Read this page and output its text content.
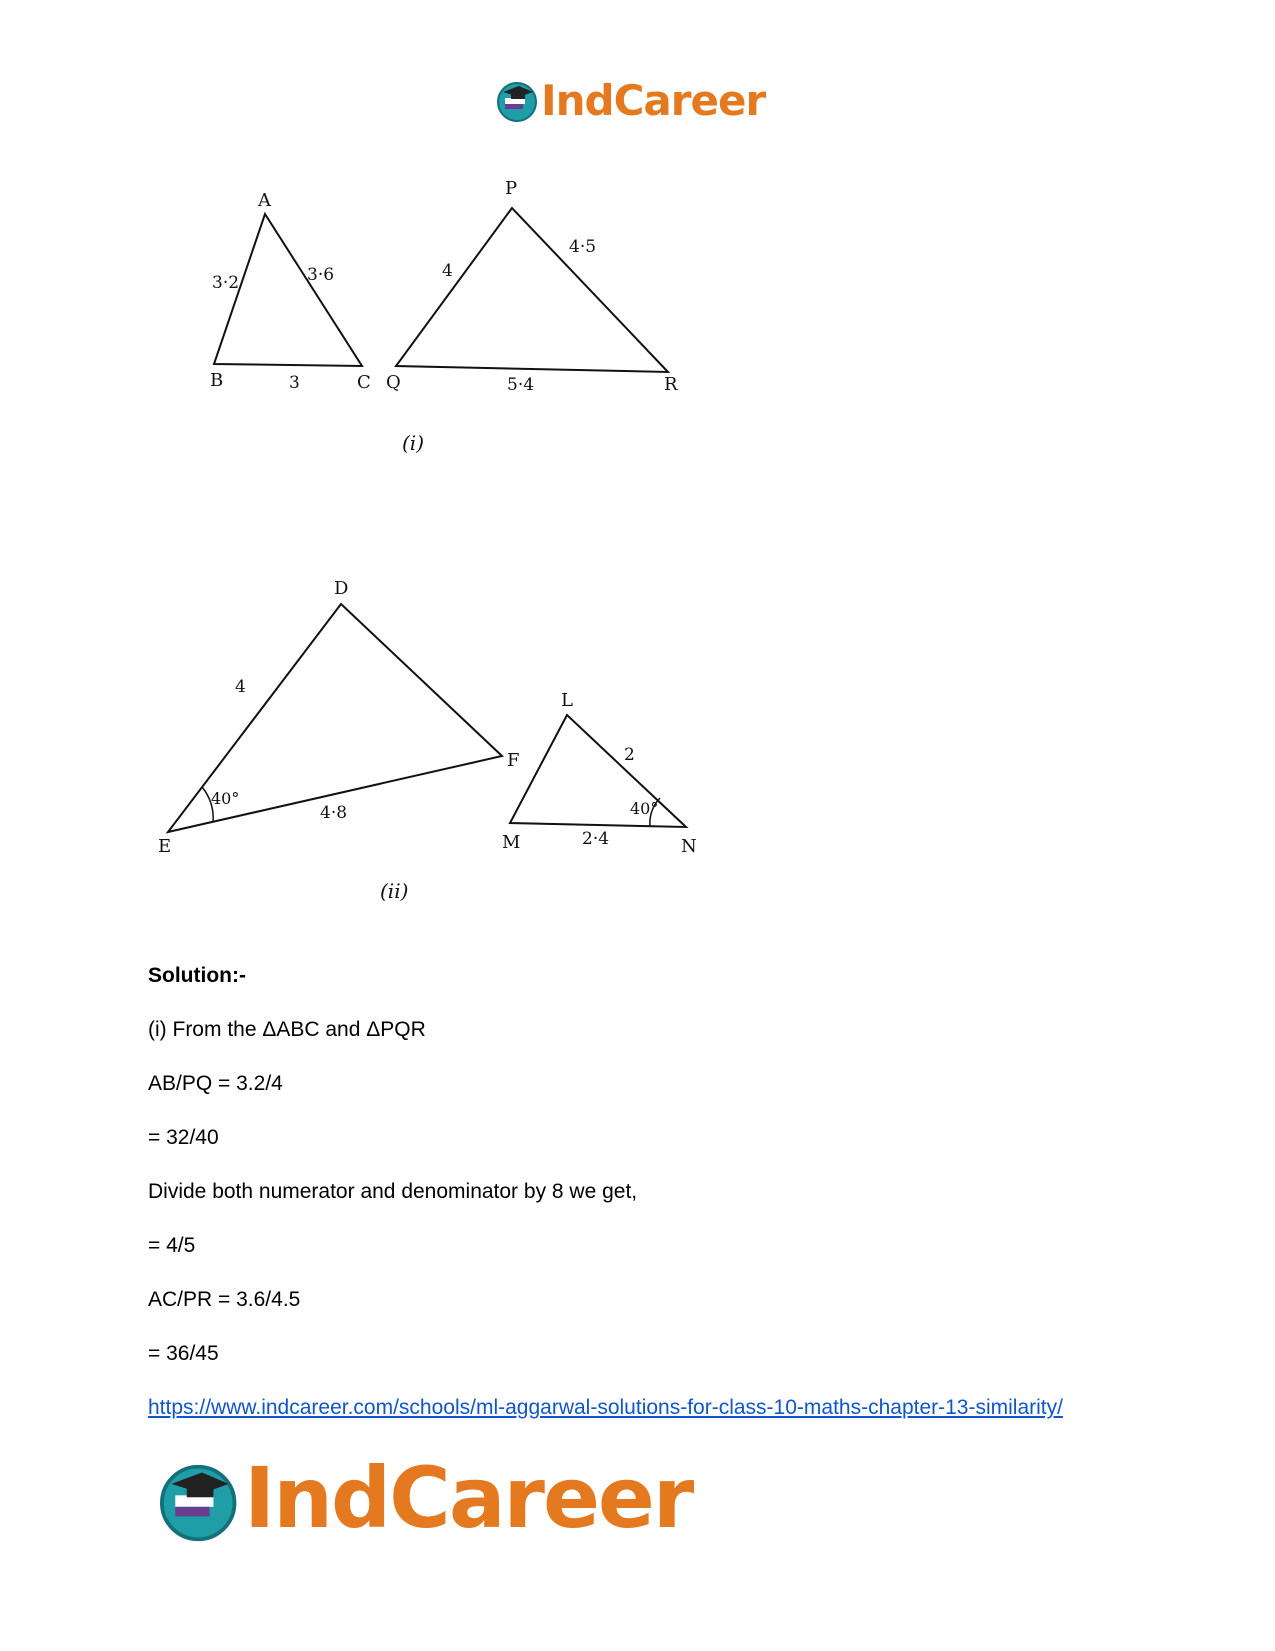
IndCareer
A
B	C
3·2	3·6
3
P
Q	R
4
4·5
5·4
(i)
D
E
F
4
4·8
40°
L
M	N
2
2·4
40°
(ii)
Solution:-
(i) From the ΔABC and ΔPQR
AB/PQ = 3.2/4
= 32/40
Divide both numerator and denominator by 8 we get,
= 4/5
AC/PR = 3.6/4.5
= 36/45
https://www.indcareer.com/schools/ml-aggarwal-solutions-for-class-10-maths-chapter-13-similarity/
IndCareer
